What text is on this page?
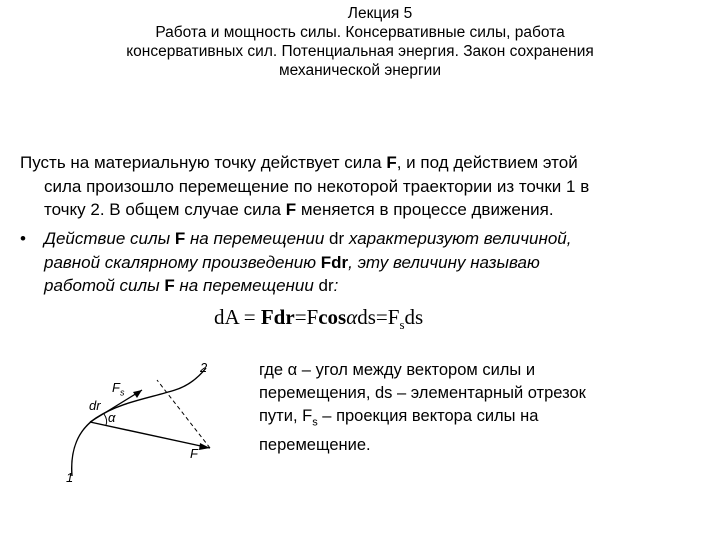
Лекция 5
Работа и мощность силы. Консервативные силы, работа
консервативных сил. Потенциальная энергия. Закон сохранения
механической энергии
Пусть на материальную точку действует сила F, и под действием этой
сила произошло перемещение по некоторой траектории из точки 1 в
точку 2. В общем случае сила F меняется в процессе движения.
•	Действие силы F на перемещении dr характеризуют величиной,
равной скалярному произведению Fdr, эту величину называю
работой силы F на перемещении dr:
dA = $Fdr=Fcos\alpha ds=F_sds$
1
2
dr
$F_s$
α
F
где α – угол между вектором силы и
перемещения, ds – элементарный отрезок
пути, $F_s$ – проекция вектора силы на
перемещение.
